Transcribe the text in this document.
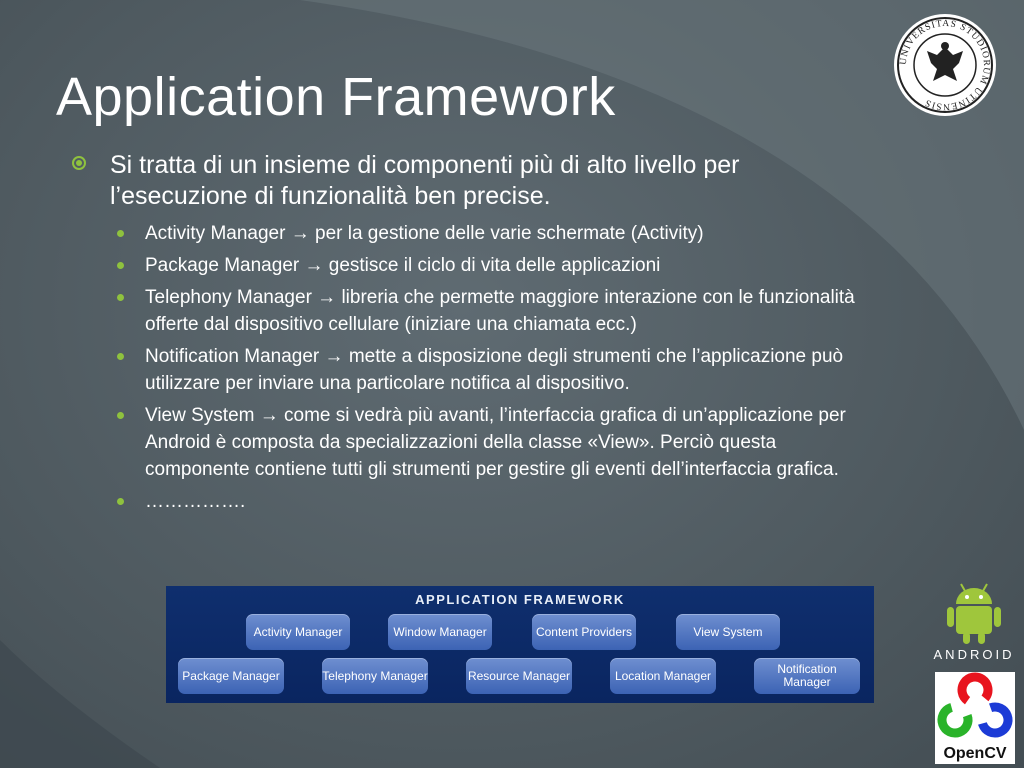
Application Framework
Si tratta di un insieme di componenti più di alto livello per l’esecuzione di funzionalità ben precise.
Activity Manager → per la gestione delle varie schermate (Activity)
Package Manager → gestisce il ciclo di vita delle applicazioni
Telephony Manager → libreria che permette maggiore interazione con le funzionalità offerte dal dispositivo cellulare (iniziare una chiamata ecc.)
Notification Manager → mette a disposizione degli strumenti che l’applicazione può utilizzare per inviare una particolare notifica al dispositivo.
View System → come si vedrà più avanti, l’interfaccia grafica di un’applicazione per Android è composta da specializzazioni della classe «View». Perciò questa componente contiene tutti gli strumenti per gestire gli eventi dell’interfaccia grafica.
…………….
APPLICATION FRAMEWORK
Activity Manager	Window Manager	Content Providers	View System
Package Manager	Telephony Manager	Resource Manager	Location Manager	Notification Manager
UNIVERSITAS STUDIORUM UTINENSIS
ANDROID
OpenCV
